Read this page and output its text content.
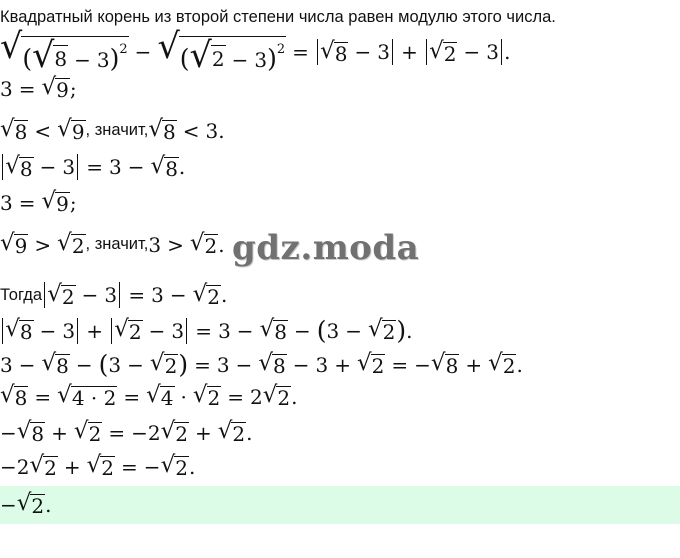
Квадратный корень из второй степени числа равен модулю этого числа.
√ ( √ 8 − 3)$^2$ − √ ( √ 2 − 3)$^2$ = √ 8 − 3 + √ 2 − 3 .
3 = √ 9 ;
√ 8 < √ 9 , значит, √ 8 < 3.
√ 8 − 3 = 3 − √ 8 .
3 = √ 9 ;
√ 9 > √ 2 , значит, 3 > √ 2 . gdz.moda
Тогда √ 2 − 3 = 3 − √ 2 .
√ 8 − 3 + √ 2 − 3 = 3 − √ 8 − ( 3 − √ 2 ) .
3 − √ 8 − ( 3 − √ 2 ) = 3 − √ 8 − 3 + √ 2 = − √ 8 + √ 2 .
√ 8 = √ 4 · 2 = √ 4 · √ 2 = 2 √ 2 .
− √ 8 + √ 2 = −2 √ 2 + √ 2 .
−2 √ 2 + √ 2 = − √ 2 .
− √ 2 .
